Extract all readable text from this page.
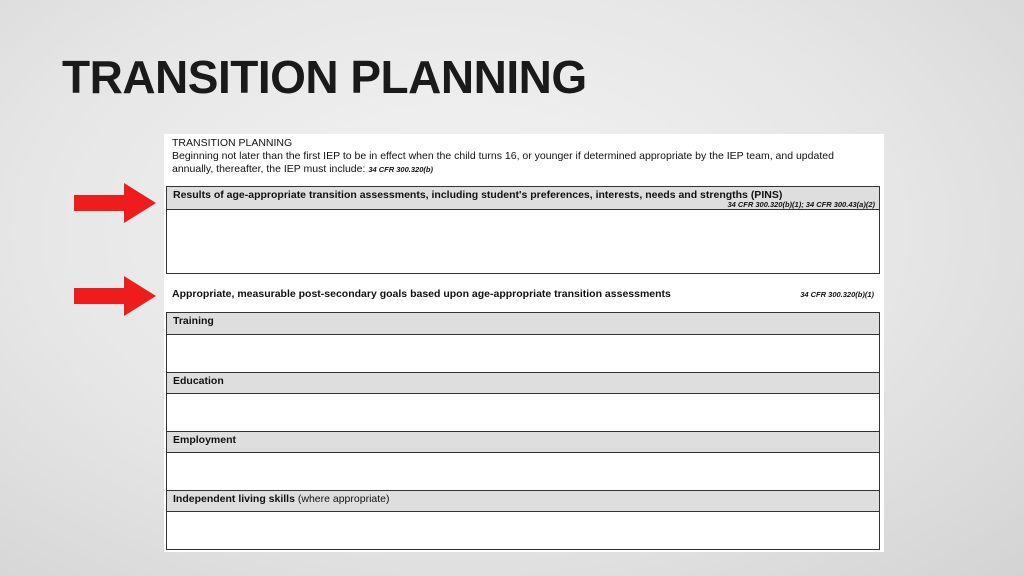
TRANSITION PLANNING
TRANSITION PLANNING
Beginning not later than the first IEP to be in effect when the child turns 16, or younger if determined appropriate by the IEP team, and updated annually, thereafter, the IEP must include: 34 CFR 300.320(b)
Results of age-appropriate transition assessments, including student's preferences, interests, needs and strengths (PINS)
34 CFR 300.320(b)(1); 34 CFR 300.43(a)(2)
Appropriate, measurable post-secondary goals based upon age-appropriate transition assessments	34 CFR 300.320(b)(1)
Training
Education
Employment
Independent living skills (where appropriate)
